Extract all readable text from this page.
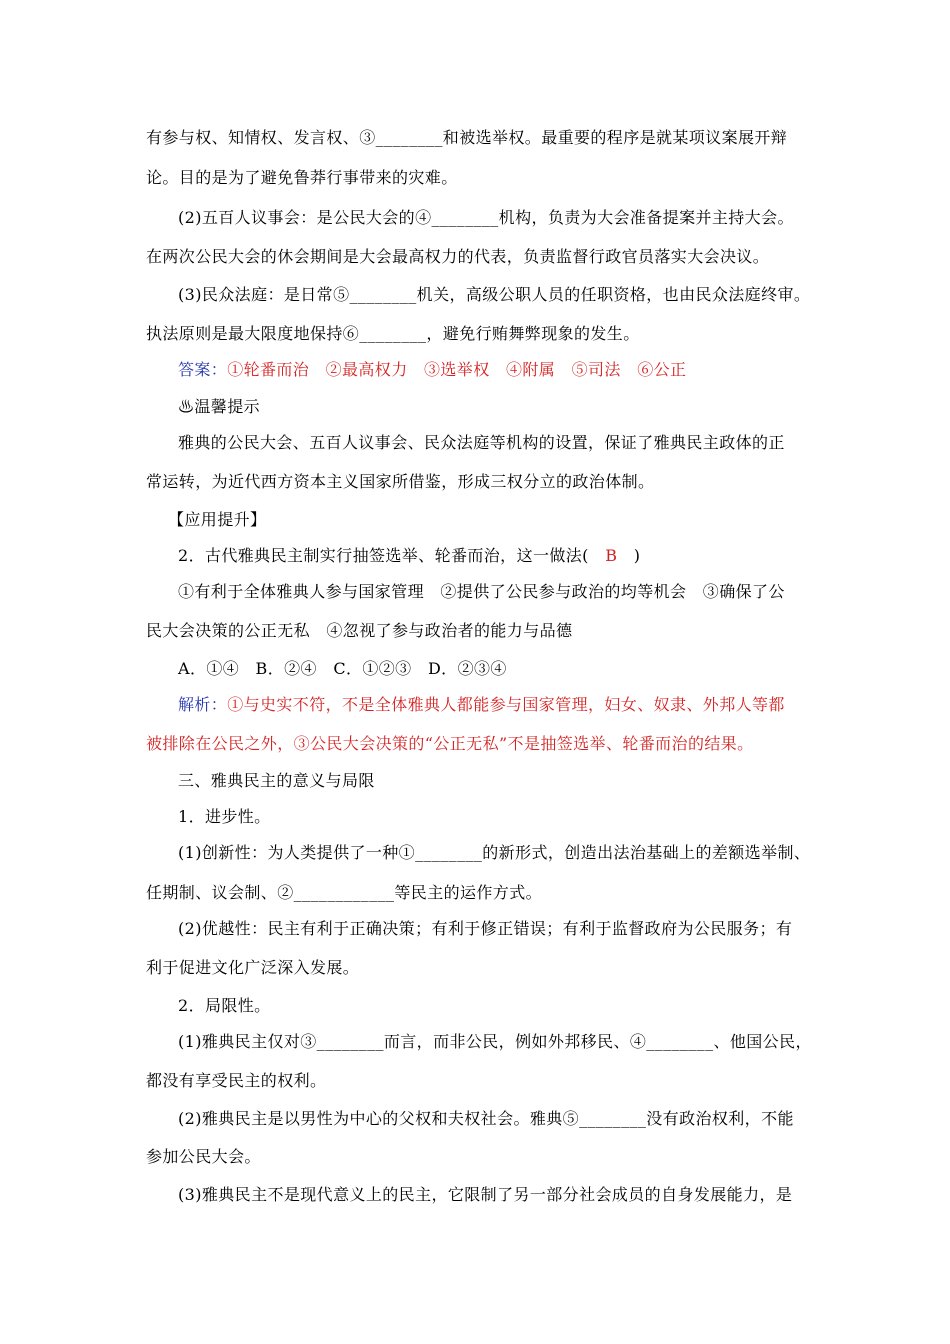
有参与权、知情权、发言权、③________和被选举权。最重要的程序是就某项议案展开辩
论。目的是为了避免鲁莽行事带来的灾难。
(2)五百人议事会：是公民大会的④________机构，负责为大会准备提案并主持大会。
在两次公民大会的休会期间是大会最高权力的代表，负责监督行政官员落实大会决议。
(3)民众法庭：是日常⑤________机关，高级公职人员的任职资格，也由民众法庭终审。
执法原则是最大限度地保持⑥________，避免行贿舞弊现象的发生。
答案：①轮番而治　②最高权力　③选举权　④附属　⑤司法　⑥公正
♨温馨提示
雅典的公民大会、五百人议事会、民众法庭等机构的设置，保证了雅典民主政体的正
常运转，为近代西方资本主义国家所借鉴，形成三权分立的政治体制。
【应用提升】
2．古代雅典民主制实行抽签选举、轮番而治，这一做法(　B　)
①有利于全体雅典人参与国家管理　②提供了公民参与政治的均等机会　③确保了公
民大会决策的公正无私　④忽视了参与政治者的能力与品德
A．①④　B．②④　C．①②③　D．②③④
解析：①与史实不符，不是全体雅典人都能参与国家管理，妇女、奴隶、外邦人等都
被排除在公民之外，③公民大会决策的“公正无私”不是抽签选举、轮番而治的结果。
三、雅典民主的意义与局限
1．进步性。
(1)创新性：为人类提供了一种①________的新形式，创造出法治基础上的差额选举制、
任期制、议会制、②____________等民主的运作方式。
(2)优越性：民主有利于正确决策；有利于修正错误；有利于监督政府为公民服务；有
利于促进文化广泛深入发展。
2．局限性。
(1)雅典民主仅对③________而言，而非公民，例如外邦移民、④________、他国公民，
都没有享受民主的权利。
(2)雅典民主是以男性为中心的父权和夫权社会。雅典⑤________没有政治权利，不能
参加公民大会。
(3)雅典民主不是现代意义上的民主，它限制了另一部分社会成员的自身发展能力，是
